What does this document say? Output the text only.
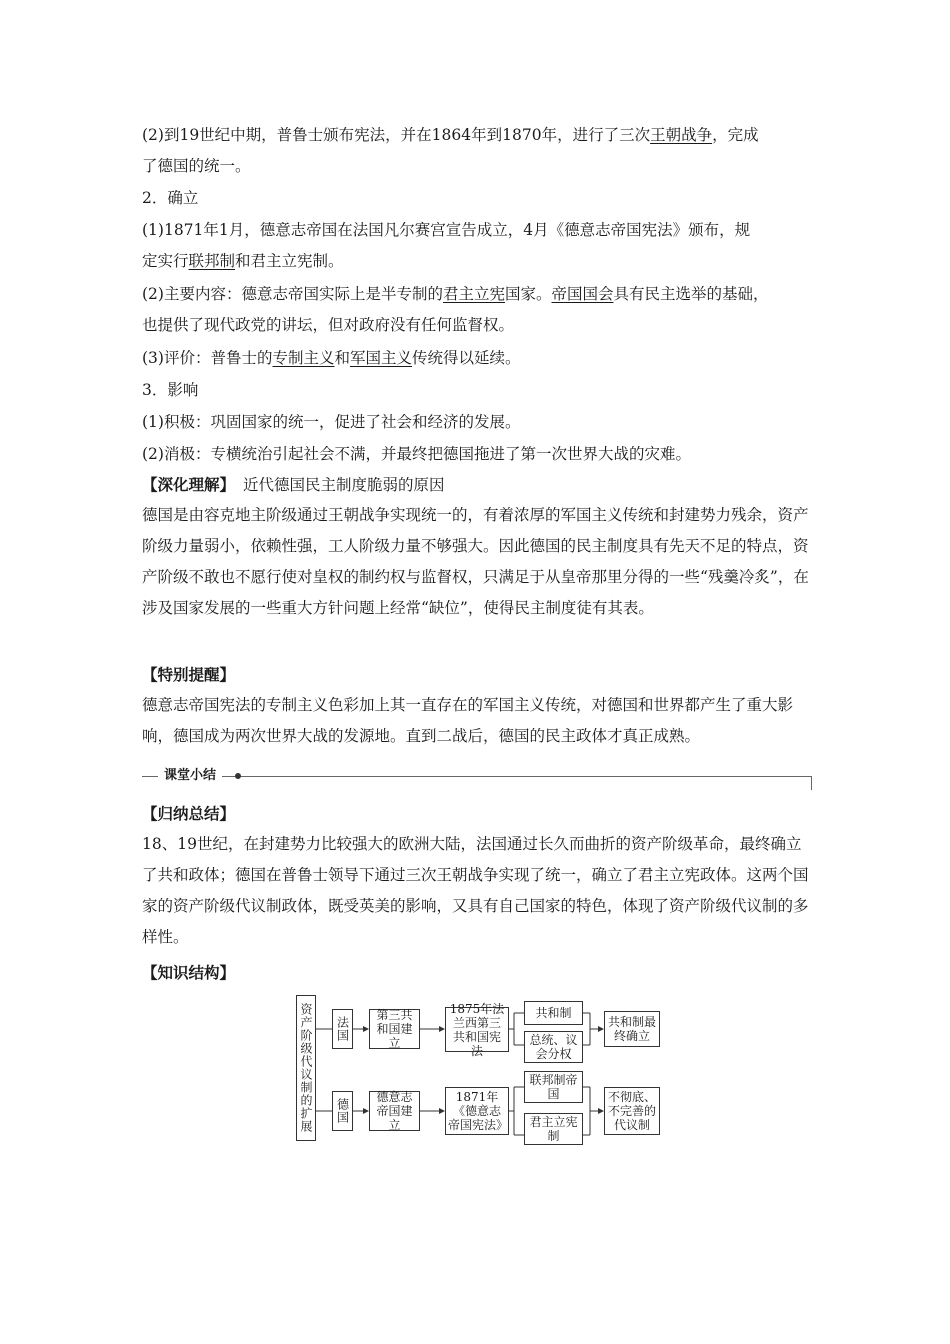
(2)到19世纪中期，普鲁士颁布宪法，并在1864年到1870年，进行了三次王朝战争，完成
了德国的统一。
2．确立
(1)1871年1月，德意志帝国在法国凡尔赛宫宣告成立，4月《德意志帝国宪法》颁布，规
定实行联邦制和君主立宪制。
(2)主要内容：德意志帝国实际上是半专制的君主立宪国家。帝国国会具有民主选举的基础，
也提供了现代政党的讲坛，但对政府没有任何监督权。
(3)评价：普鲁士的专制主义和军国主义传统得以延续。
3．影响
(1)积极：巩固国家的统一，促进了社会和经济的发展。
(2)消极：专横统治引起社会不满，并最终把德国拖进了第一次世界大战的灾难。
【深化理解】 近代德国民主制度脆弱的原因
德国是由容克地主阶级通过王朝战争实现统一的，有着浓厚的军国主义传统和封建势力残余，资产阶级力量弱小，依赖性强，工人阶级力量不够强大。因此德国的民主制度具有先天不足的特点，资产阶级不敢也不愿行使对皇权的制约权与监督权，只满足于从皇帝那里分得的一些“残羹冷炙”，在涉及国家发展的一些重大方针问题上经常“缺位”，使得民主制度徒有其表。
【特别提醒】
德意志帝国宪法的专制主义色彩加上其一直存在的军国主义传统，对德国和世界都产生了重大影响，德国成为两次世界大战的发源地。直到二战后，德国的民主政体才真正成熟。
课堂小结
【归纳总结】
18、19世纪，在封建势力比较强大的欧洲大陆，法国通过长久而曲折的资产阶级革命，最终确立了共和政体；德国在普鲁士领导下通过三次王朝战争实现了统一，确立了君主立宪政体。这两个国家的资产阶级代议制政体，既受英美的影响，又具有自己国家的特色，体现了资产阶级代议制的多样性。
【知识结构】
资产阶级代议制的扩展 法国
第三共和国建立
1875年法兰西第三共和国宪法
共和制
总统、议会分权
共和制最终确立
德国
德意志帝国建立
1871年《德意志帝国宪法》
联邦制帝国
君主立宪制
不彻底、不完善的代议制
